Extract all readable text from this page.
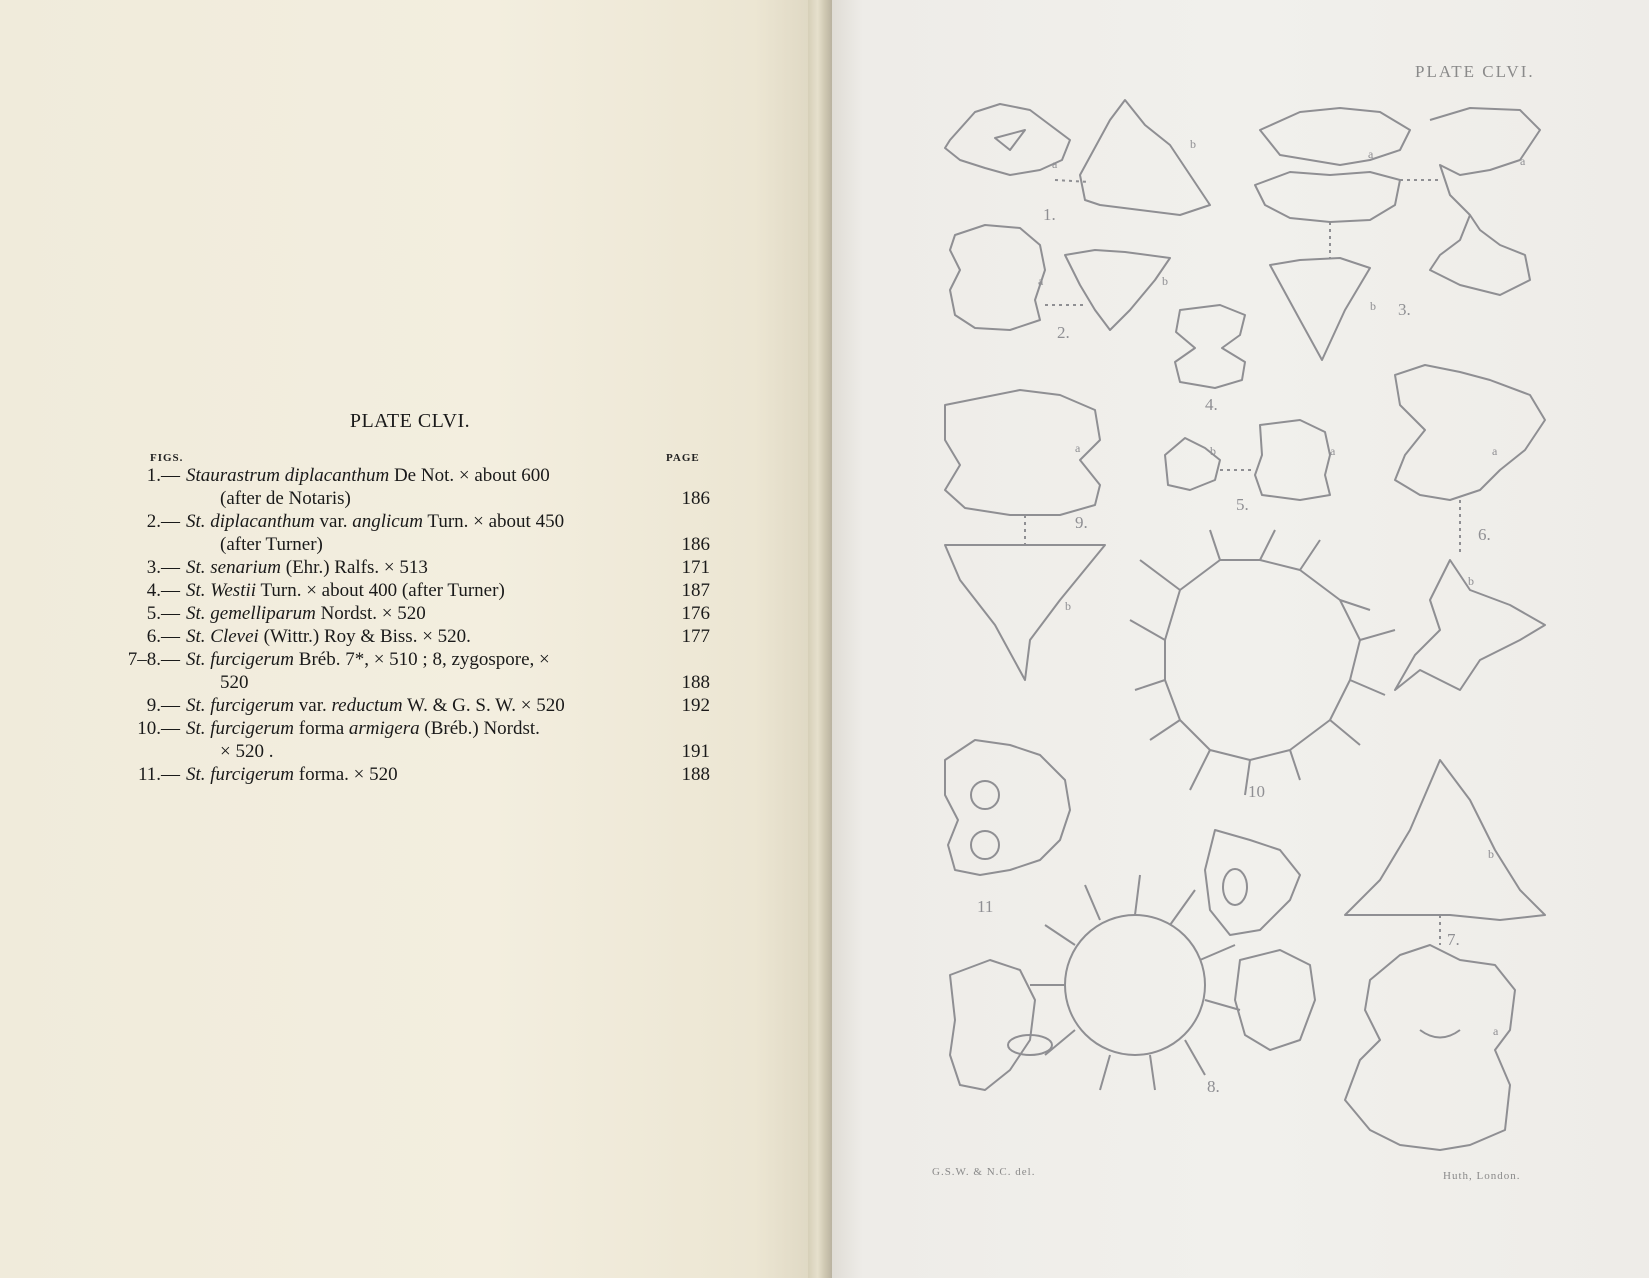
PLATE CLVI.
FIGS.	PAGE
1.— Staurastrum diplacanthum De Not. × about 600
(after de Notaris)	186
2.— St. diplacanthum var. anglicum Turn. × about 450
(after Turner)	186
3.— St. senarium (Ehr.) Ralfs. × 513	171
4.— St. Westii Turn. × about 400 (after Turner)	187
5.— St. gemelliparum Nordst. × 520	176
6.— St. Clevei (Wittr.) Roy & Biss. × 520.	177
7–8.— St. furcigerum Bréb. 7*, × 510 ; 8, zygospore, ×
520	188
9.— St. furcigerum var. reductum W. & G. S. W. × 520	192
10.— St. furcigerum forma armigera (Bréb.) Nordst.
× 520 .	191
11.— St. furcigerum forma. × 520	188
PLATE CLVI.
G.S.W. & N.C. del.	Huth, London.
1.
2.
3.
4.
5.
6.
7.
8.
9.
10
11
a
b
a	a
b
a	b
a
b
a
b
b	a
b
a
